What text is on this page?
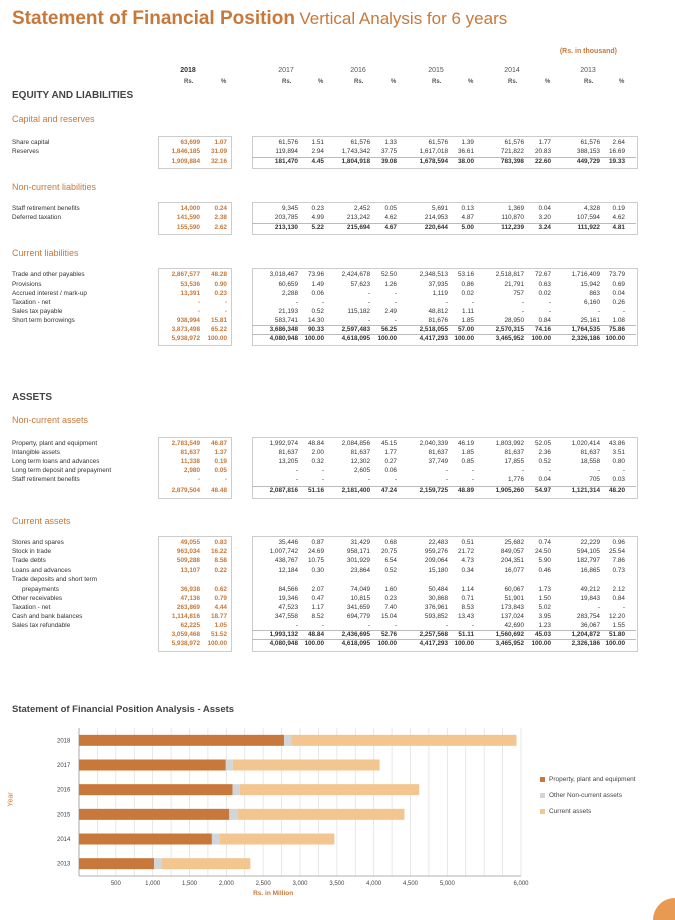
Statement of Financial Position Vertical Analysis for 6 years
(Rs. in thousand)
2018
Rs.	%
2017
Rs.	%
2016
Rs.	%
2015
Rs.	%
2014
Rs.	%
2013
Rs.	%
EQUITY AND LIABILITIES
Capital and reserves
Non-current liabilities
Current liabilities
ASSETS
Non-current assets
Current assets
Share capital	63,699	1.07	61,576	1.51	61,576	1.33	61,576	1.39	61,576	1.77	61,576	2.64
Reserves	1,846,185	31.09	119,894	2.94	1,743,342	37.75	1,617,018	36.61	721,822	20.83	388,153	16.69
1,909,884	32.16	181,470	4.45	1,804,918	39.08	1,678,594	38.00	783,398	22.60	449,729	19.33
Staff retirement benefits	14,000	0.24	9,345	0.23	2,452	0.05	5,691	0.13	1,369	0.04	4,328	0.19
Deferred taxation	141,590	2.38	203,785	4.99	213,242	4.62	214,953	4.87	110,870	3.20	107,594	4.62
155,590	2.62	213,130	5.22	215,694	4.67	220,644	5.00	112,239	3.24	111,922	4.81
Trade and other payables	2,867,577	48.28	3,018,467	73.96	2,424,678	52.50	2,348,513	53.16	2,518,817	72.67	1,716,409	73.79
Provisions	53,536	0.90	60,659	1.49	57,623	1.26	37,935	0.86	21,791	0.63	15,942	0.69
Accrued interest / mark-up	13,391	0.23	2,288	0.06	-	-	1,119	0.02	757	0.02	863	0.04
Taxation - net	-	-	-	-	-	-	-	-	-	-	6,160	0.26
Sales tax payable	-	-	21,193	0.52	115,182	2.49	48,812	1.11	-	-	-	-
Short term borrowings	938,994	15.81	583,741	14.30	-	-	81,676	1.85	28,950	0.84	25,161	1.08
3,873,498	65.22	3,686,348	90.33	2,597,483	56.25	2,518,055	57.00	2,570,315	74.16	1,764,535	75.86
5,938,972	100.00	4,080,948	100.00	4,618,095	100.00	4,417,293	100.00	3,465,952	100.00	2,326,186 100.00
Property, plant and equipment	2,783,549	46.87	1,992,974	48.84	2,084,856	45.15	2,040,339	46.19	1,803,992	52.05	1,020,414	43.86
Intangible assets	81,637	1.37	81,637	2.00	81,637	1.77	81,637	1.85	81,637	2.36	81,637	3.51
Long term loans and advances	11,338	0.19	13,205	0.32	12,302	0.27	37,749	0.85	17,855	0.52	18,558	0.80
Long term deposit and prepayment	2,980	0.05	-	-	2,605	0.06	-	-	-	-	-	-
Staff retirement benefits	-	-	-	-	-	-	-	-	1,776	0.04	705	0.03
2,879,504	48.48	2,087,816	51.16	2,181,400	47.24	2,159,725	48.89	1,905,260	54.97	1,121,314	48.20
Stores and spares	49,055	0.83	35,446	0.87	31,429	0.68	22,483	0.51	25,682	0.74	22,229	0.96
Stock in trade	963,034	16.22	1,007,742	24.69	958,171	20.75	959,276	21.72	849,057	24.50	594,105	25.54
Trade debts	509,288	8.58	438,767	10.75	301,929	6.54	209,064	4.73	204,351	5.90	182,797	7.86
Loans and advances	13,107	0.22	12,184	0.30	23,864	0.52	15,180	0.34	16,077	0.46	16,865	0.73
Trade deposits and short term
prepayments	36,938	0.62	84,566	2.07	74,049	1.60	50,484	1.14	60,067	1.73	49,212	2.12
Other receivables	47,136	0.79	19,346	0.47	10,815	0.23	30,868	0.71	51,901	1.50	19,843	0.84
Taxation - net	263,869	4.44	47,523	1.17	341,659	7.40	376,961	8.53	173,843	5.02	-	-
Cash and bank balances	1,114,816	18.77	347,558	8.52	694,779	15.04	593,852	13.43	137,024	3.95	283,754	12.20
Sales tax refundable	62,225	1.05	-	-	-	-	-	-	42,690	1.23	36,067	1.55
3,059,468	51.52	1,993,132	48.84	2,436,695	52.76	2,257,568	51.11	1,560,692	45.03	1,204,872	51.80
5,938,972	100.00	4,080,948	100.00	4,618,095	100.00	4,417,293	100.00	3,465,952	100.00	2,326,186 100.00
Statement of Financial Position Analysis - Assets
Year
500	1,000	1,500	2,000	2,500	3,000	3,500	4,000	4,500	5,000	6,000
Rs. in Million
2018
2017
2016
2015
2014
2013
Property, plant and equipment
Other Non-current assets
Current assets
